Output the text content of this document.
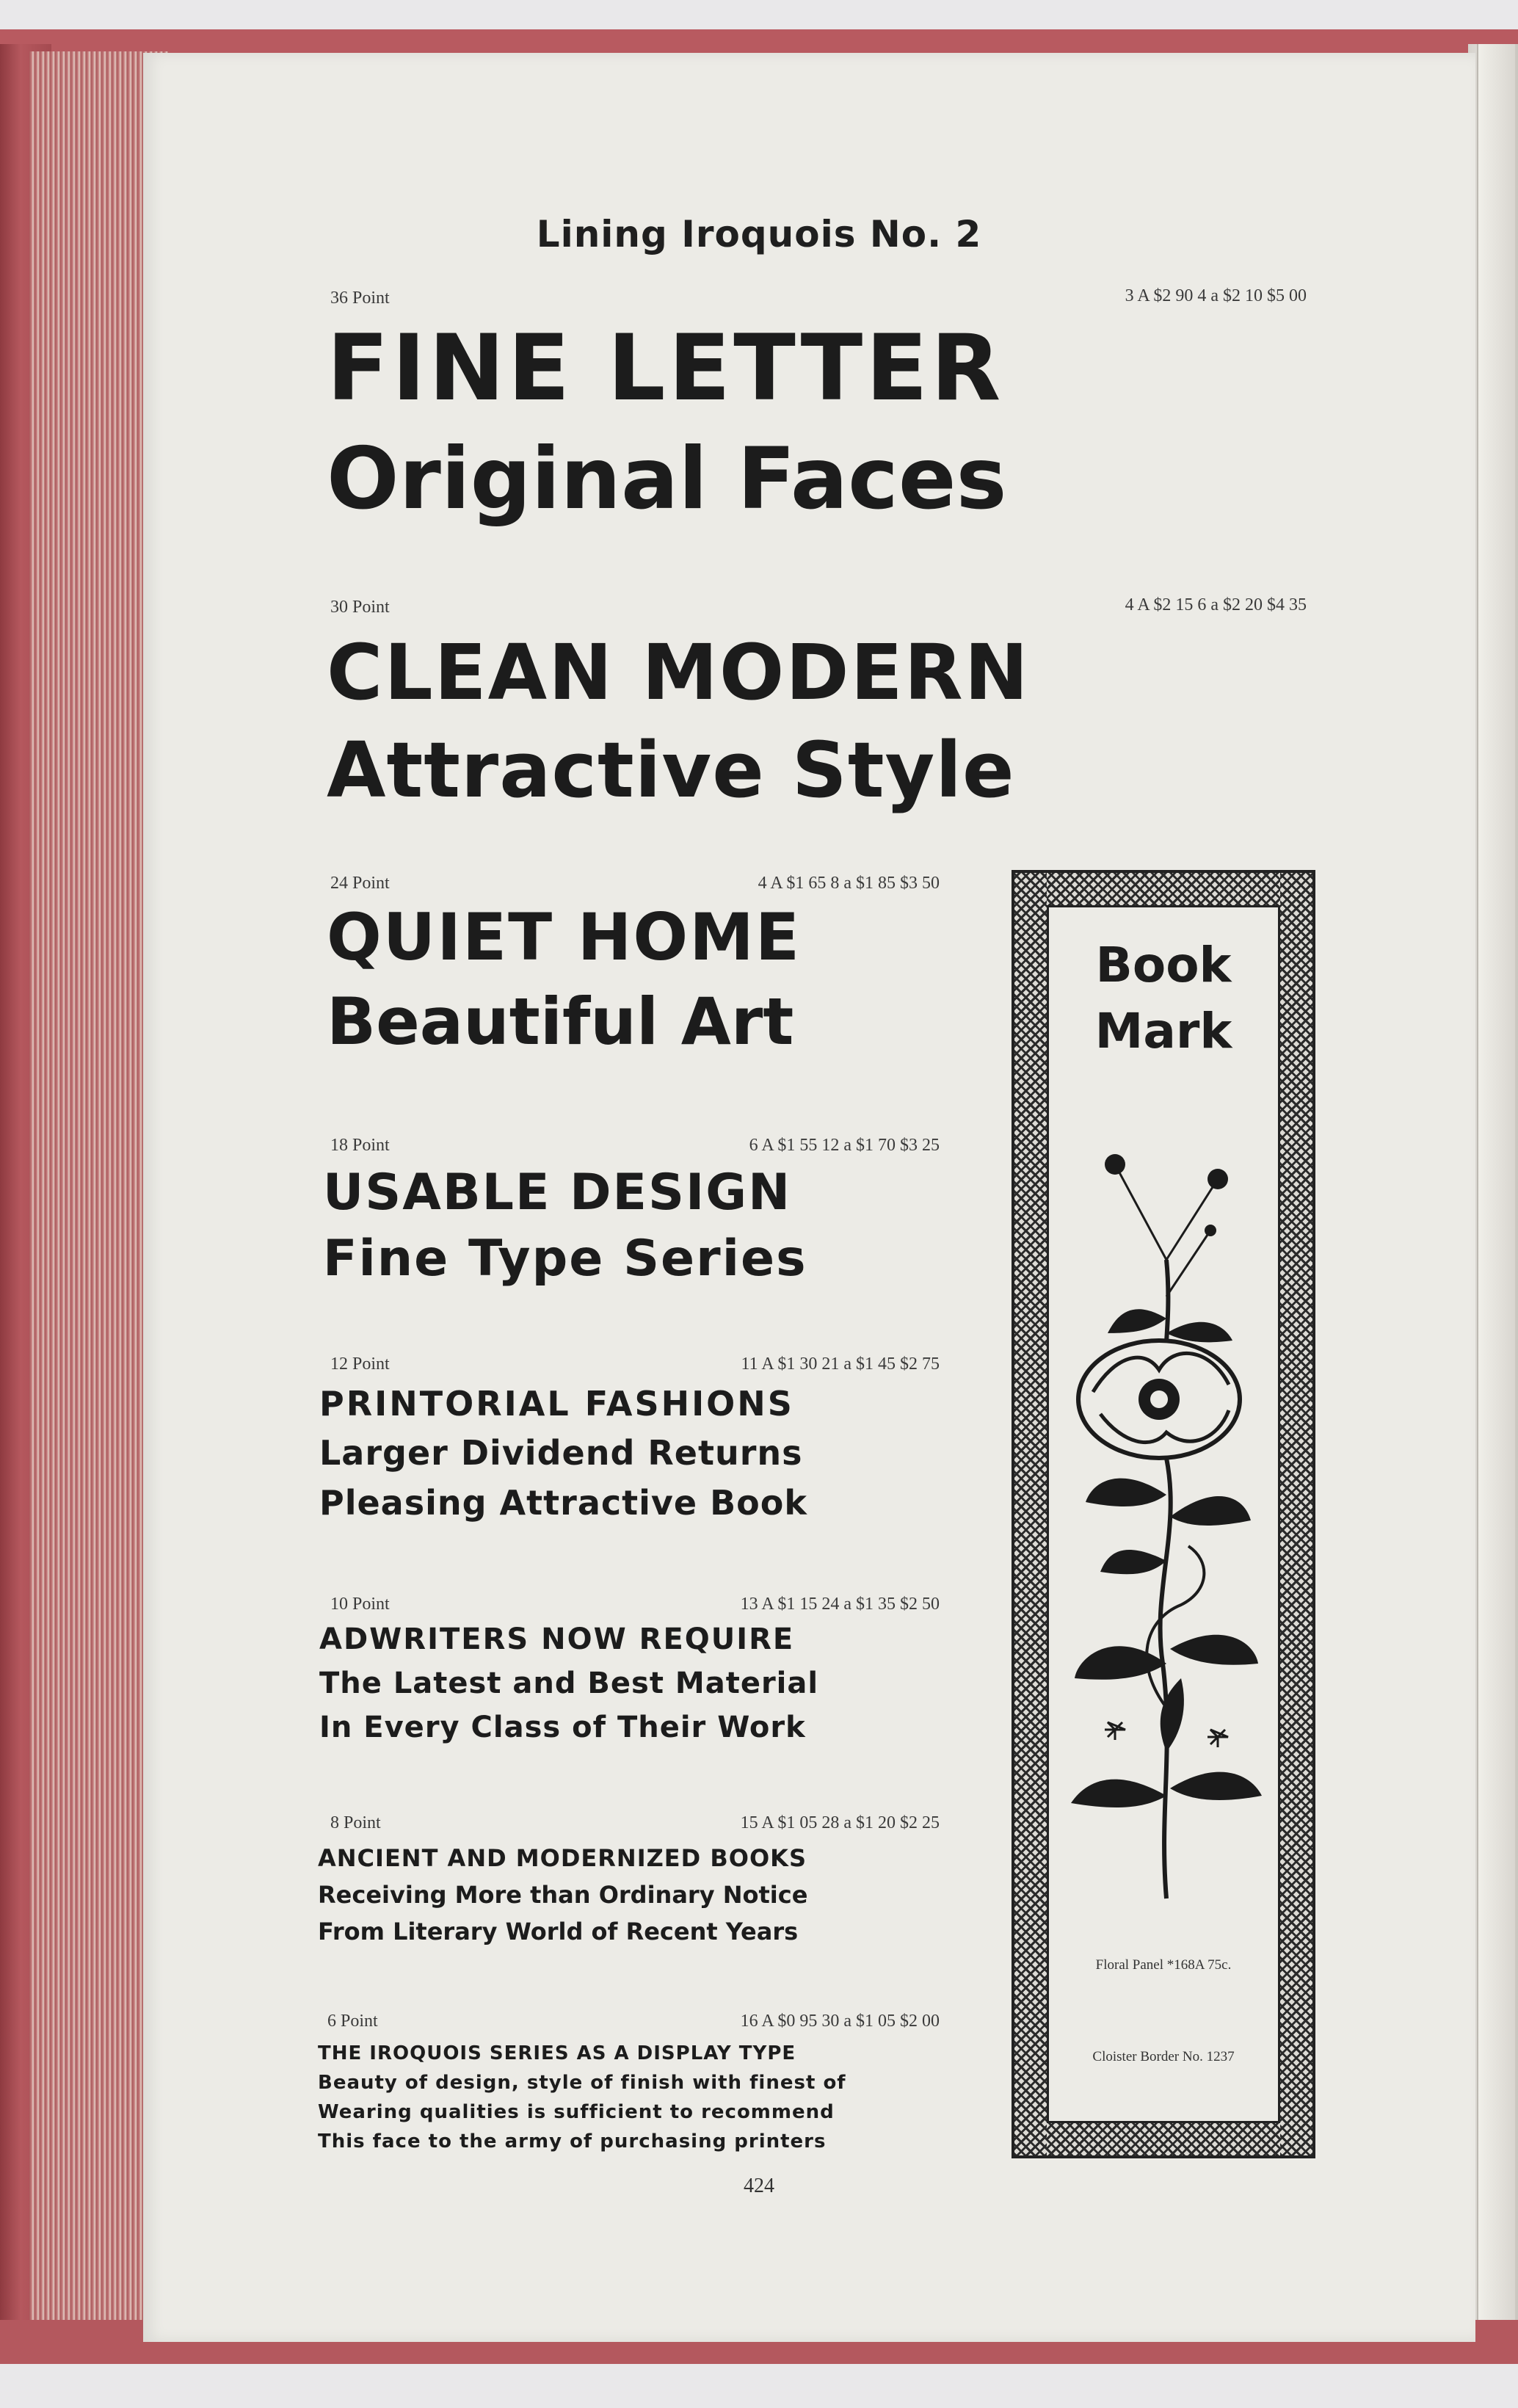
Lining Iroquois No. 2
36 Point	3 A $2 90 4 a $2 10 $5 00
FINE LETTER
Original Faces
30 Point	4 A $2 15 6 a $2 20 $4 35
CLEAN MODERN
Attractive Style
24 Point	4 A $1 65 8 a $1 85 $3 50
QUIET HOME
Beautiful Art
18 Point	6 A $1 55 12 a $1 70 $3 25
USABLE DESIGN
Fine Type Series
12 Point	11 A $1 30 21 a $1 45 $2 75
PRINTORIAL FASHIONS
Larger Dividend Returns
Pleasing Attractive Book
10 Point	13 A $1 15 24 a $1 35 $2 50
ADWRITERS NOW REQUIRE
The Latest and Best Material
In Every Class of Their Work
8 Point	15 A $1 05 28 a $1 20 $2 25
ANCIENT AND MODERNIZED BOOKS
Receiving More than Ordinary Notice
From Literary World of Recent Years
6 Point	16 A $0 95 30 a $1 05 $2 00
THE IROQUOIS SERIES AS A DISPLAY TYPE
Beauty of design, style of finish with finest of
Wearing qualities is sufficient to recommend
This face to the army of purchasing printers
Book
Mark
Floral Panel *168A 75c.
Cloister Border No. 1237
424
